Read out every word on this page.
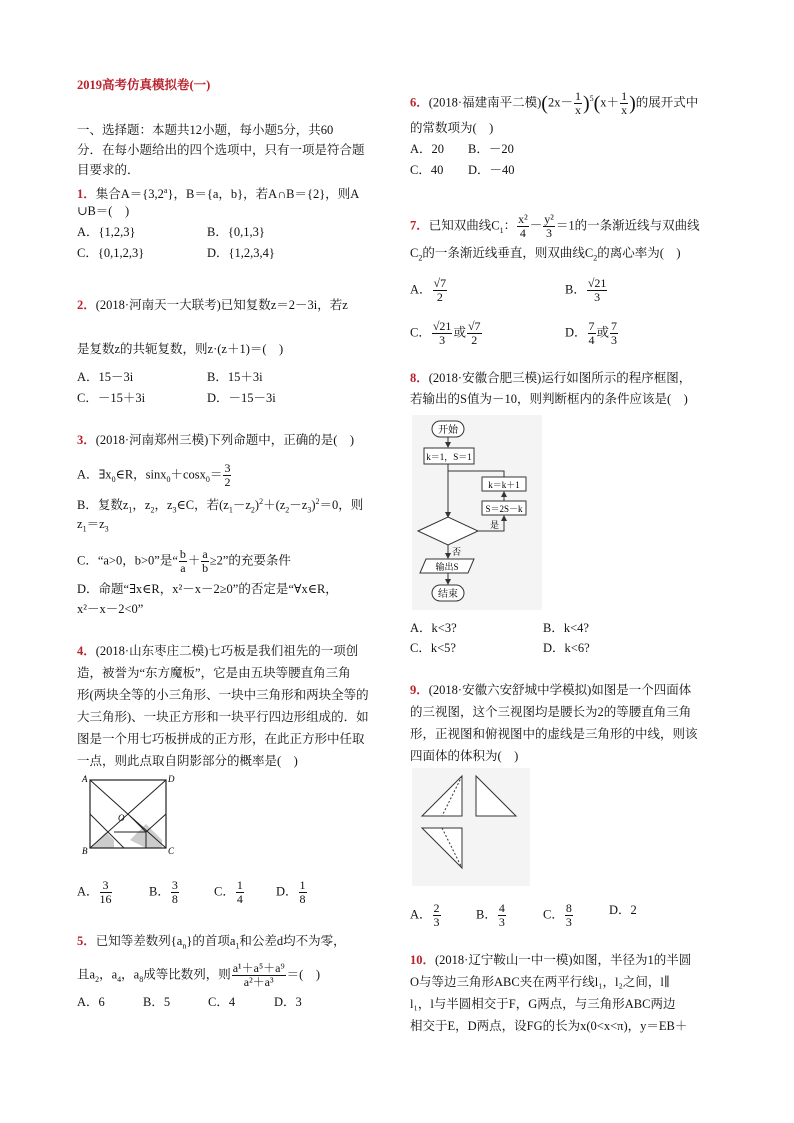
2019高考仿真模拟卷(一)
一、选择题：本题共12小题，每小题5分，共60
分．在每小题给出的四个选项中，只有一项是符合题
目要求的．
1．集合A＝{3,2$^a$}，B＝{a，b}，若A∩B＝{2}，则A
∪B＝(　)
A．{1,2,3}	B．{0,1,3}
C．{0,1,2,3}	D．{1,2,3,4}
2．(2018·河南天一大联考)已知复数z＝2－3i，若z
是复数z的共轭复数，则z·(z＋1)＝(　)
A．15－3i	B．15＋3i
C．－15＋3i	D．－15－3i
3．(2018·河南郑州三模)下列命题中，正确的是(　)
A．$\exists x_0\in R$，$\sin x_0+\cos x_0= \frac{3}{2}$
B．复数$z_1$，$z_2$，$z_3\in C$，若$(z_1-z_2)^2+(z_2-z_3)^2=0$，则
$z_1=z_3$
C．“a>0，b>0”是“ $\frac{b}{a} + \frac{a}{b} \ge 2$”的充要条件
D．命题“∃x∈R，x²－x－2≥0”的否定是“∀x∈R，
x²－x－2<0”
4．(2018·山东枣庄二模)七巧板是我们祖先的一项创
造，被誉为“东方魔板”，它是由五块等腰直角三角
形(两块全等的小三角形、一块中三角形和两块全等的
大三角形)、一块正方形和一块平行四边形组成的．如
图是一个用七巧板拼成的正方形，在此正方形中任取
一点，则此点取自阴影部分的概率是(　)
A	D
O
B	C
A． $\frac{3}{16}$	B． $\frac{3}{8}$	C． $\frac{1}{4}$	D． $\frac{1}{8}$
5．已知等差数列$\{a_n\}$的首项$a_1$和公差d均不为零，
且$a_2$，$a_4$，$a_8$成等比数列，则 $\frac{\text{a¹＋a⁵＋a⁹}}{\text{a²＋a³}}$ ＝(　)
A．6	B．5	C．4	D．3
6．(2018·福建南平二模)$(2x- \frac{1}{x} )^5(x+ \frac{1}{x}$ )的展开式中
的常数项为(　)
A．20 B．－20
C．40 D．－40
7．已知双曲线$C_1$： $\frac{\text{x²}}{4} - \frac{\text{y²}}{3} =1$的一条渐近线与双曲线
$C_2$的一条渐近线垂直，则双曲线$C_2$的离心率为(　)
A． $\frac{√7}{2}$	B． $\frac{√21}{3}$
C． $\frac{√21}{3}$ 或 $\frac{√7}{2}$	D． $\frac{7}{4}$ 或 $\frac{7}{3}$
8．(2018·安徽合肥三模)运行如图所示的程序框图，
若输出的S值为－10，则判断框内的条件应该是(　)
开始
k＝1，S＝1
k＝k＋1
S＝2S－k
是
否
输出S
结束
A．k<3?	B．k<4?
C．k<5?	D．k<6?
9．(2018·安徽六安舒城中学模拟)如图是一个四面体
的三视图，这个三视图均是腰长为2的等腰直角三角
形，正视图和俯视图中的虚线是三角形的中线，则该
四面体的体积为(　)
A． $\frac{2}{3}$	B． $\frac{4}{3}$	C． $\frac{8}{3}$	D．2
10．(2018·辽宁鞍山一中一模)如图，半径为1的半圆
O与等边三角形ABC夹在两平行线l₁，l₂之间，l∥
l₁，l与半圆相交于F，G两点，与三角形ABC两边
相交于E，D两点，设FG的长为x(0<x<π)，y＝EB＋
